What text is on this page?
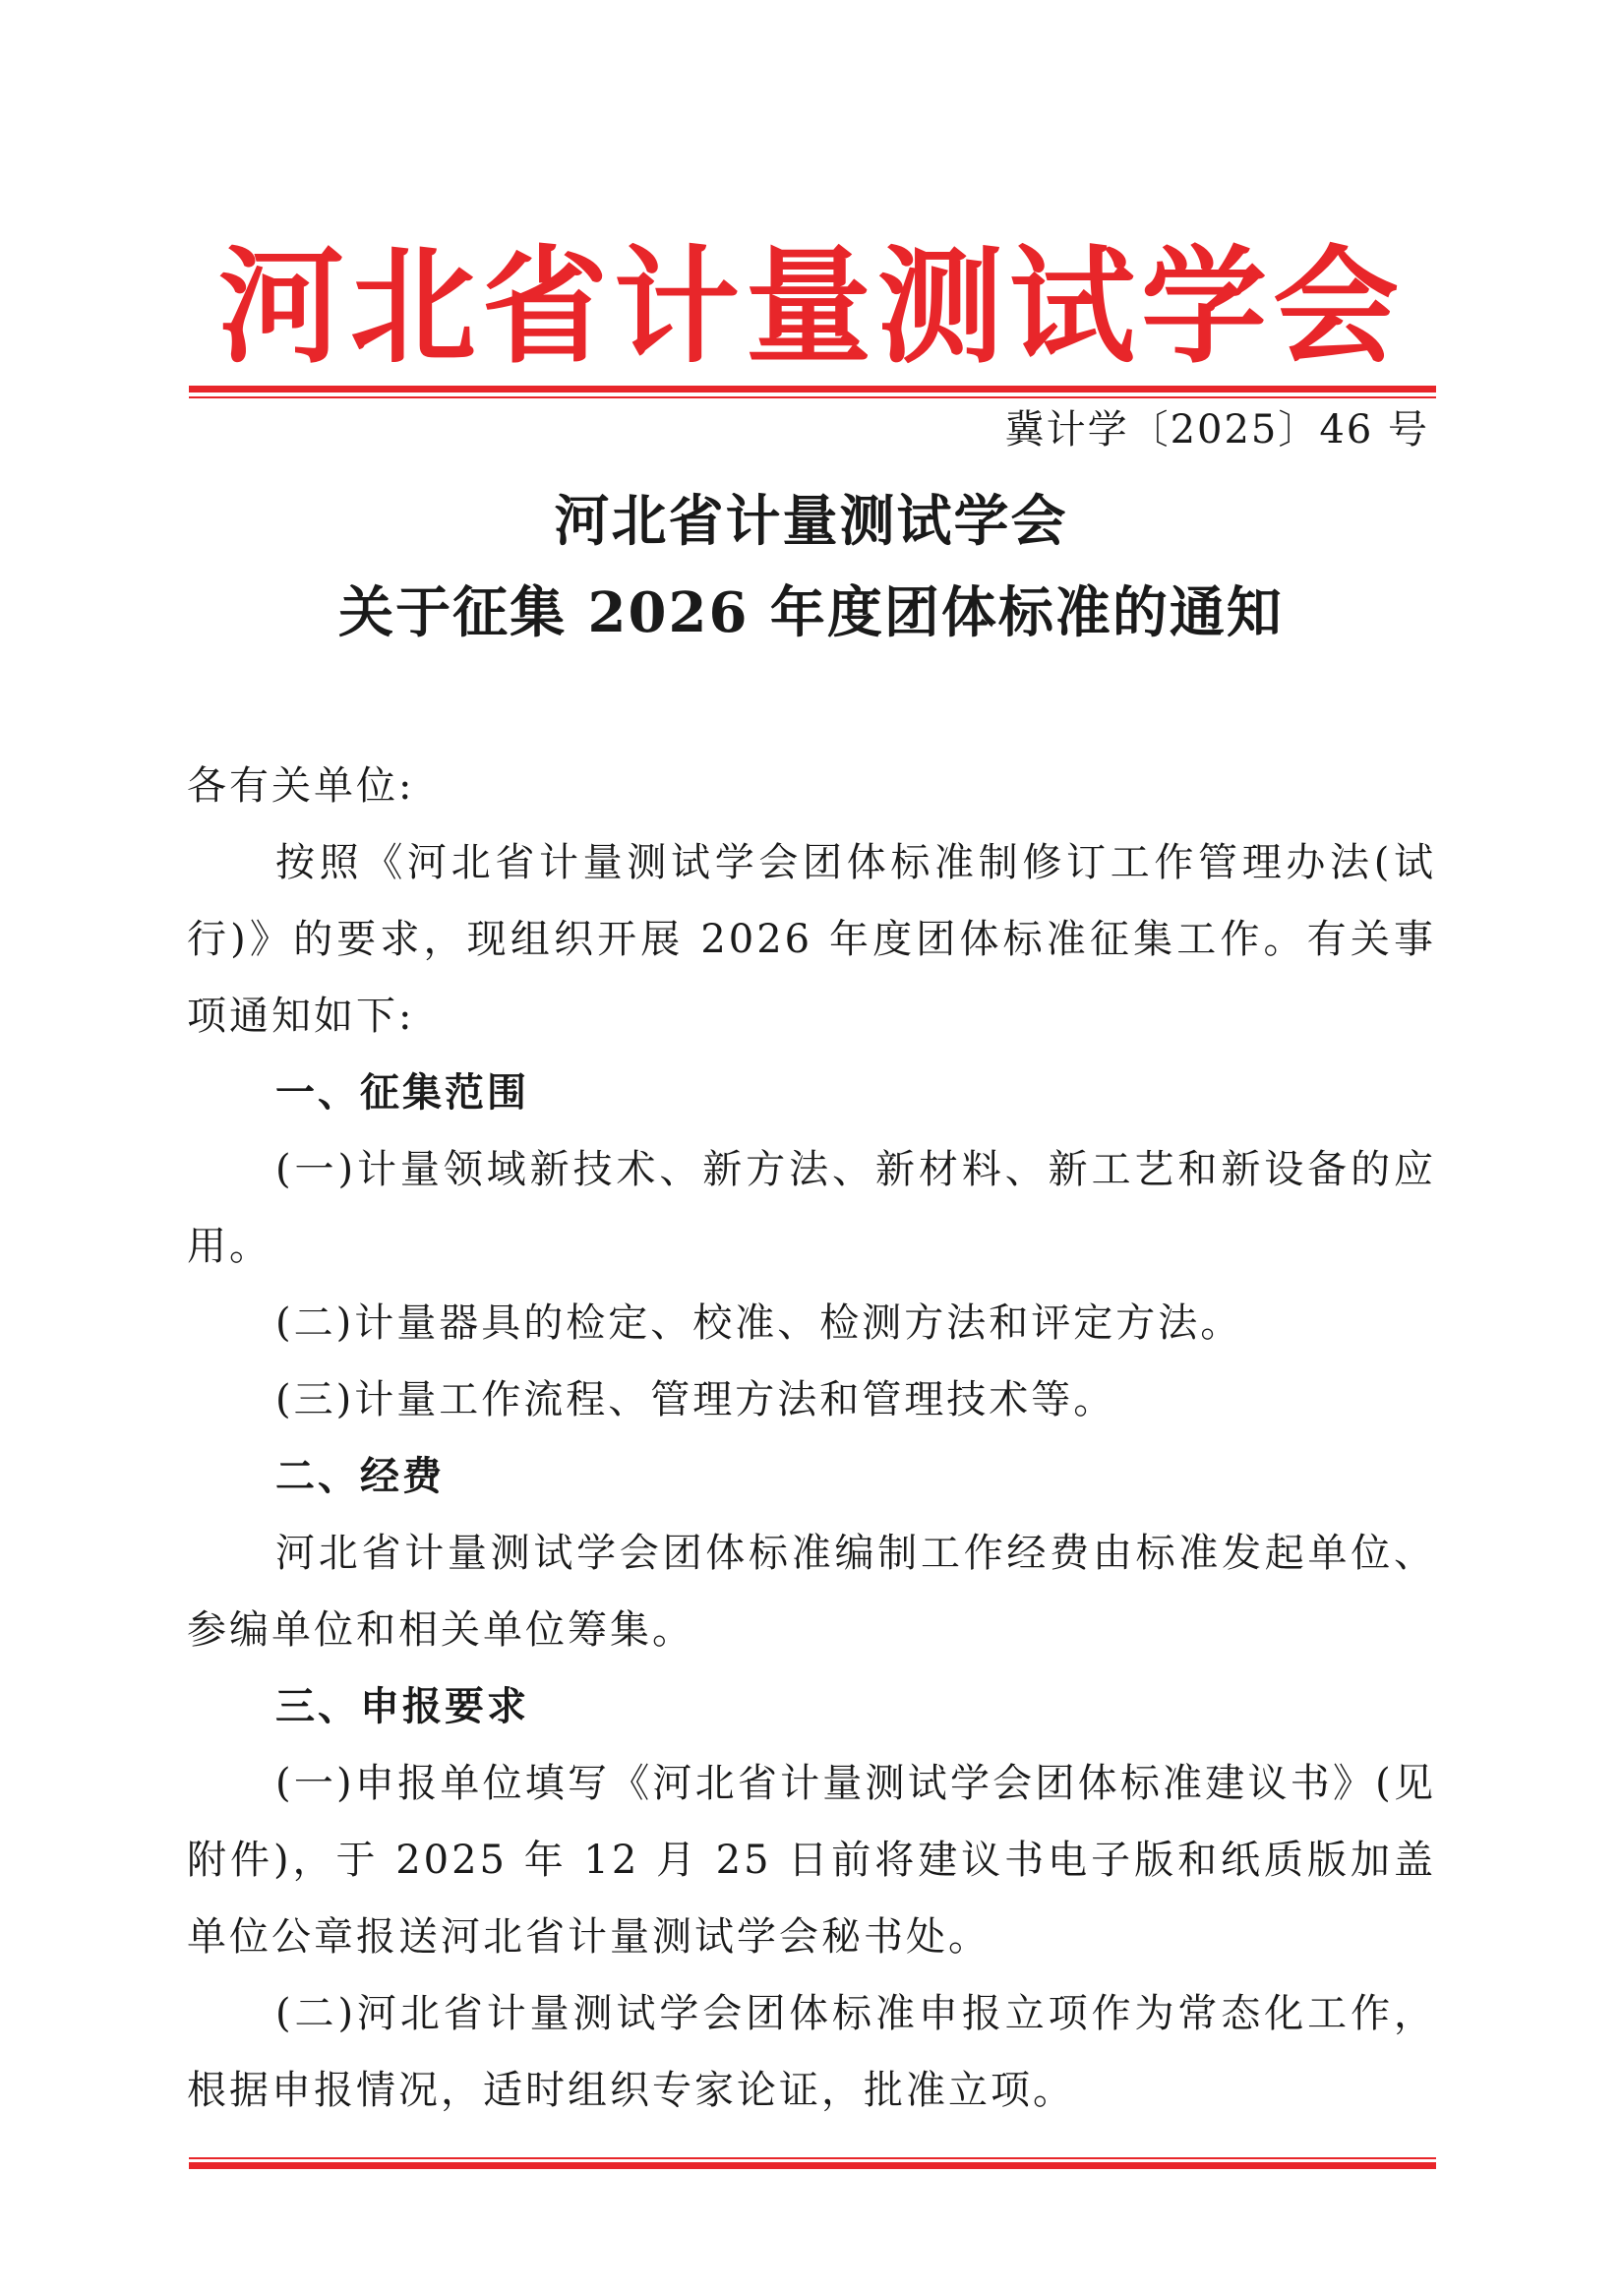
河北省计量测试学会
冀计学〔2025〕46 号
河北省计量测试学会
关于征集 2026 年度团体标准的通知

各有关单位:

按照《河北省计量测试学会团体标准制修订工作管理办法(试行)》的要求，现组织开展 2026 年度团体标准征集工作。有关事项通知如下:

一、征集范围

(一)计量领域新技术、新方法、新材料、新工艺和新设备的应用。

(二)计量器具的检定、校准、检测方法和评定方法。

(三)计量工作流程、管理方法和管理技术等。

二、经费

河北省计量测试学会团体标准编制工作经费由标准发起单位、参编单位和相关单位筹集。

三、申报要求

(一)申报单位填写《河北省计量测试学会团体标准建议书》(见附件)，于 2025 年 12 月 25 日前将建议书电子版和纸质版加盖单位公章报送河北省计量测试学会秘书处。

(二)河北省计量测试学会团体标准申报立项作为常态化工作，根据申报情况，适时组织专家论证，批准立项。
